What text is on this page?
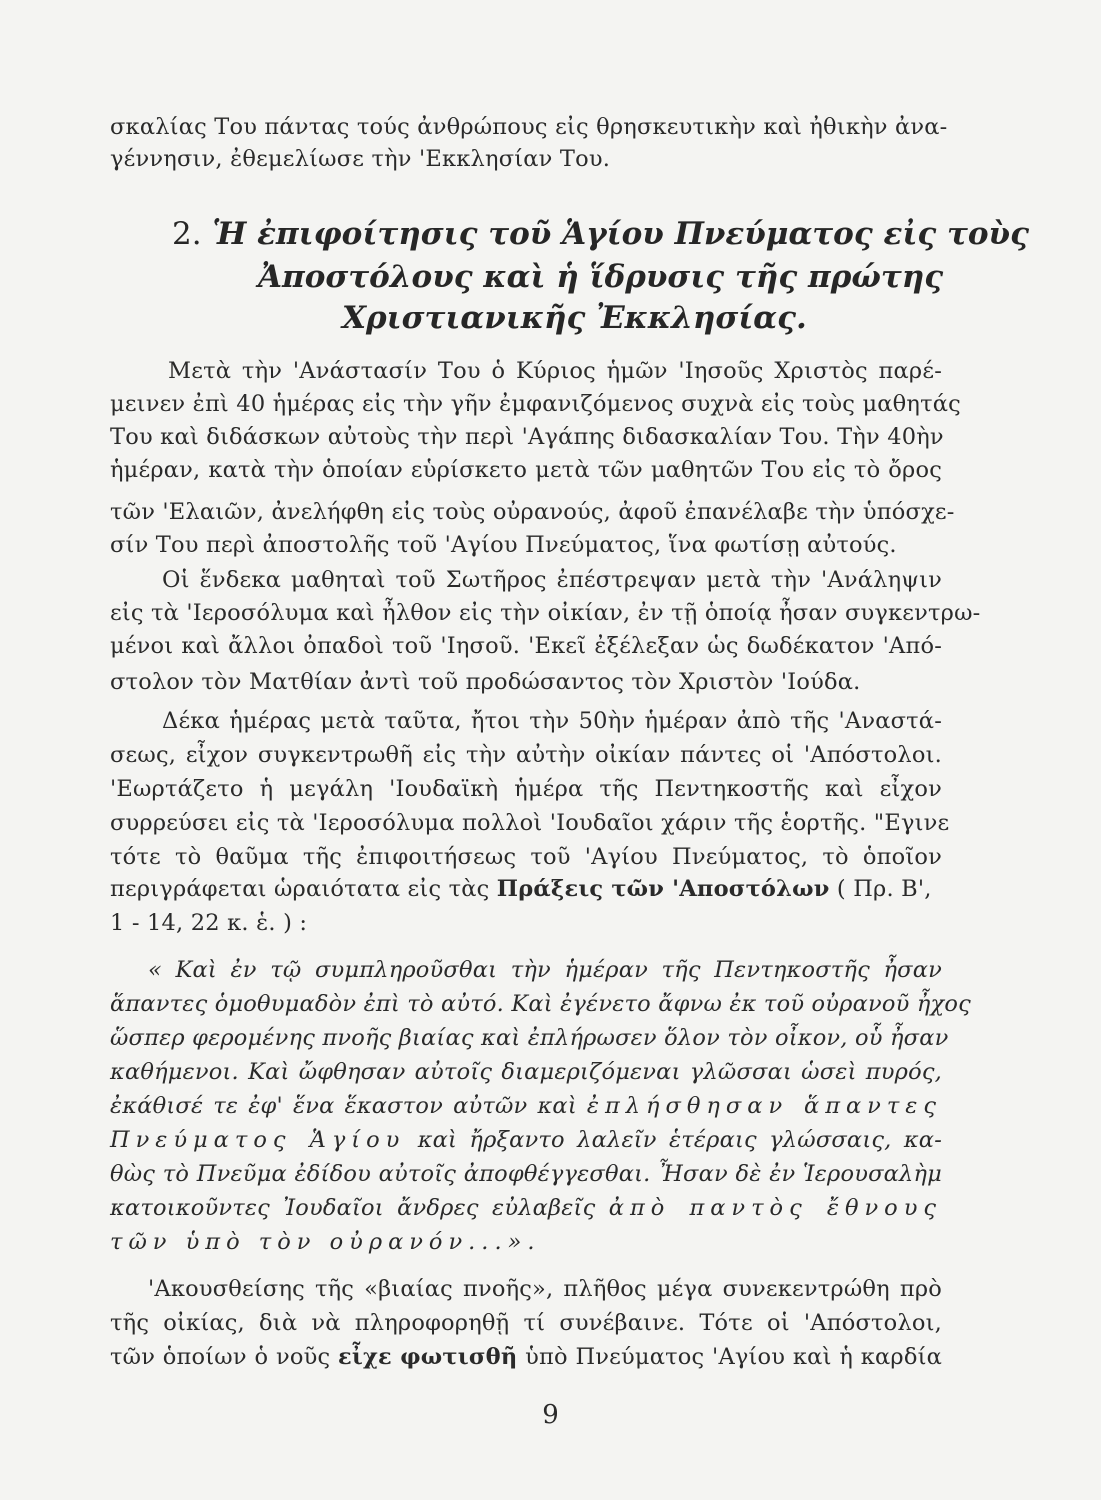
σκαλίας Του πάντας τούς ἀνθρώπους εἰς θρησκευτικὴν καὶ ἠθικὴν ἀνα-
γέννησιν, ἐθεμελίωσε τὴν 'Εκκλησίαν Του.
2. Ἡ ἐπιφοίτησις τοῦ Ἁγίου Πνεύματος εἰς τοὺς
Ἀποστόλους καὶ ἡ ἵδρυσις τῆς πρώτης
Χριστιανικῆς Ἐκκλησίας.
Μετὰ τὴν 'Ανάστασίν Του ὁ Κύριος ἡμῶν 'Ιησοῦς Χριστὸς παρέ-
μεινεν ἐπὶ 40 ἡμέρας εἰς τὴν γῆν ἐμφανιζόμενος συχνὰ εἰς τοὺς μαθητάς
Του καὶ διδάσκων αὐτοὺς τὴν περὶ 'Αγάπης διδασκαλίαν Του. Τὴν 40ὴν
ἡμέραν, κατὰ τὴν ὁποίαν εὑρίσκετο μετὰ τῶν μαθητῶν Του εἰς τὸ ὄρος
τῶν 'Ελαιῶν, ἀνελήφθη εἰς τοὺς οὐρανούς, ἀφοῦ ἐπανέλαβε τὴν ὑπόσχε-
σίν Του περὶ ἀποστολῆς τοῦ 'Αγίου Πνεύματος, ἵνα φωτίσῃ αὐτούς.
Οἱ ἕνδεκα μαθηταὶ τοῦ Σωτῆρος ἐπέστρεψαν μετὰ τὴν 'Ανάληψιν
εἰς τὰ 'Ιεροσόλυμα καὶ ἦλθον εἰς τὴν οἰκίαν, ἐν τῇ ὁποίᾳ ἦσαν συγκεντρω-
μένοι καὶ ἄλλοι ὀπαδοὶ τοῦ 'Ιησοῦ. 'Εκεῖ ἐξέλεξαν ὡς δωδέκατον 'Από-
στολον τὸν Ματθίαν ἀντὶ τοῦ προδώσαντος τὸν Χριστὸν 'Ιούδα.
Δέκα ἡμέρας μετὰ ταῦτα, ἤτοι τὴν 50ὴν ἡμέραν ἀπὸ τῆς 'Αναστά-
σεως, εἶχον συγκεντρωθῆ εἰς τὴν αὐτὴν οἰκίαν πάντες οἱ 'Απόστολοι.
'Εωρτάζετο ἡ μεγάλη 'Ιουδαϊκὴ ἡμέρα τῆς Πεντηκοστῆς καὶ εἶχον
συρρεύσει εἰς τὰ 'Ιεροσόλυμα πολλοὶ 'Ιουδαῖοι χάριν τῆς ἑορτῆς. "Εγινε
τότε τὸ θαῦμα τῆς ἐπιφοιτήσεως τοῦ 'Αγίου Πνεύματος, τὸ ὁποῖον
περιγράφεται ὡραιότατα εἰς τὰς Πράξεις τῶν 'Αποστόλων ( Πρ. Β',
1 - 14, 22 κ. ἑ. ) :
« Καὶ ἐν τῷ συμπληροῦσθαι τὴν ἡμέραν τῆς Πεντηκοστῆς ἦσαν
ἅπαντες ὁμοθυμαδὸν ἐπὶ τὸ αὐτό. Καὶ ἐγένετο ἄφνω ἐκ τοῦ οὐρανοῦ ἦχος
ὥσπερ φερομένης πνοῆς βιαίας καὶ ἐπλήρωσεν ὅλον τὸν οἶκον, οὗ ἦσαν
καθήμενοι. Καὶ ὤφθησαν αὐτοῖς διαμεριζόμεναι γλῶσσαι ὡσεὶ πυρός,
ἐκάθισέ τε ἐφ' ἕνα ἕκαστον αὐτῶν καὶ ἐπλήσθησαν ἅπαντες
Πνεύματος Ἁγίου καὶ ἤρξαντο λαλεῖν ἑτέραις γλώσσαις, κα-
θὼς τὸ Πνεῦμα ἐδίδου αὐτοῖς ἀποφθέγγεσθαι. Ἦσαν δὲ ἐν Ἱερουσαλὴμ
κατοικοῦντες Ἰουδαῖοι ἄνδρες εὐλαβεῖς ἀπὸ παντὸς ἔθνους
τῶν ὑπὸ τὸν οὐρανόν...».
'Ακουσθείσης τῆς «βιαίας πνοῆς», πλῆθος μέγα συνεκεντρώθη πρὸ
τῆς οἰκίας, διὰ νὰ πληροφορηθῇ τί συνέβαινε. Τότε οἱ 'Απόστολοι,
τῶν ὁποίων ὁ νοῦς εἶχε φωτισθῆ ὑπὸ Πνεύματος 'Αγίου καὶ ἡ καρδία
9
